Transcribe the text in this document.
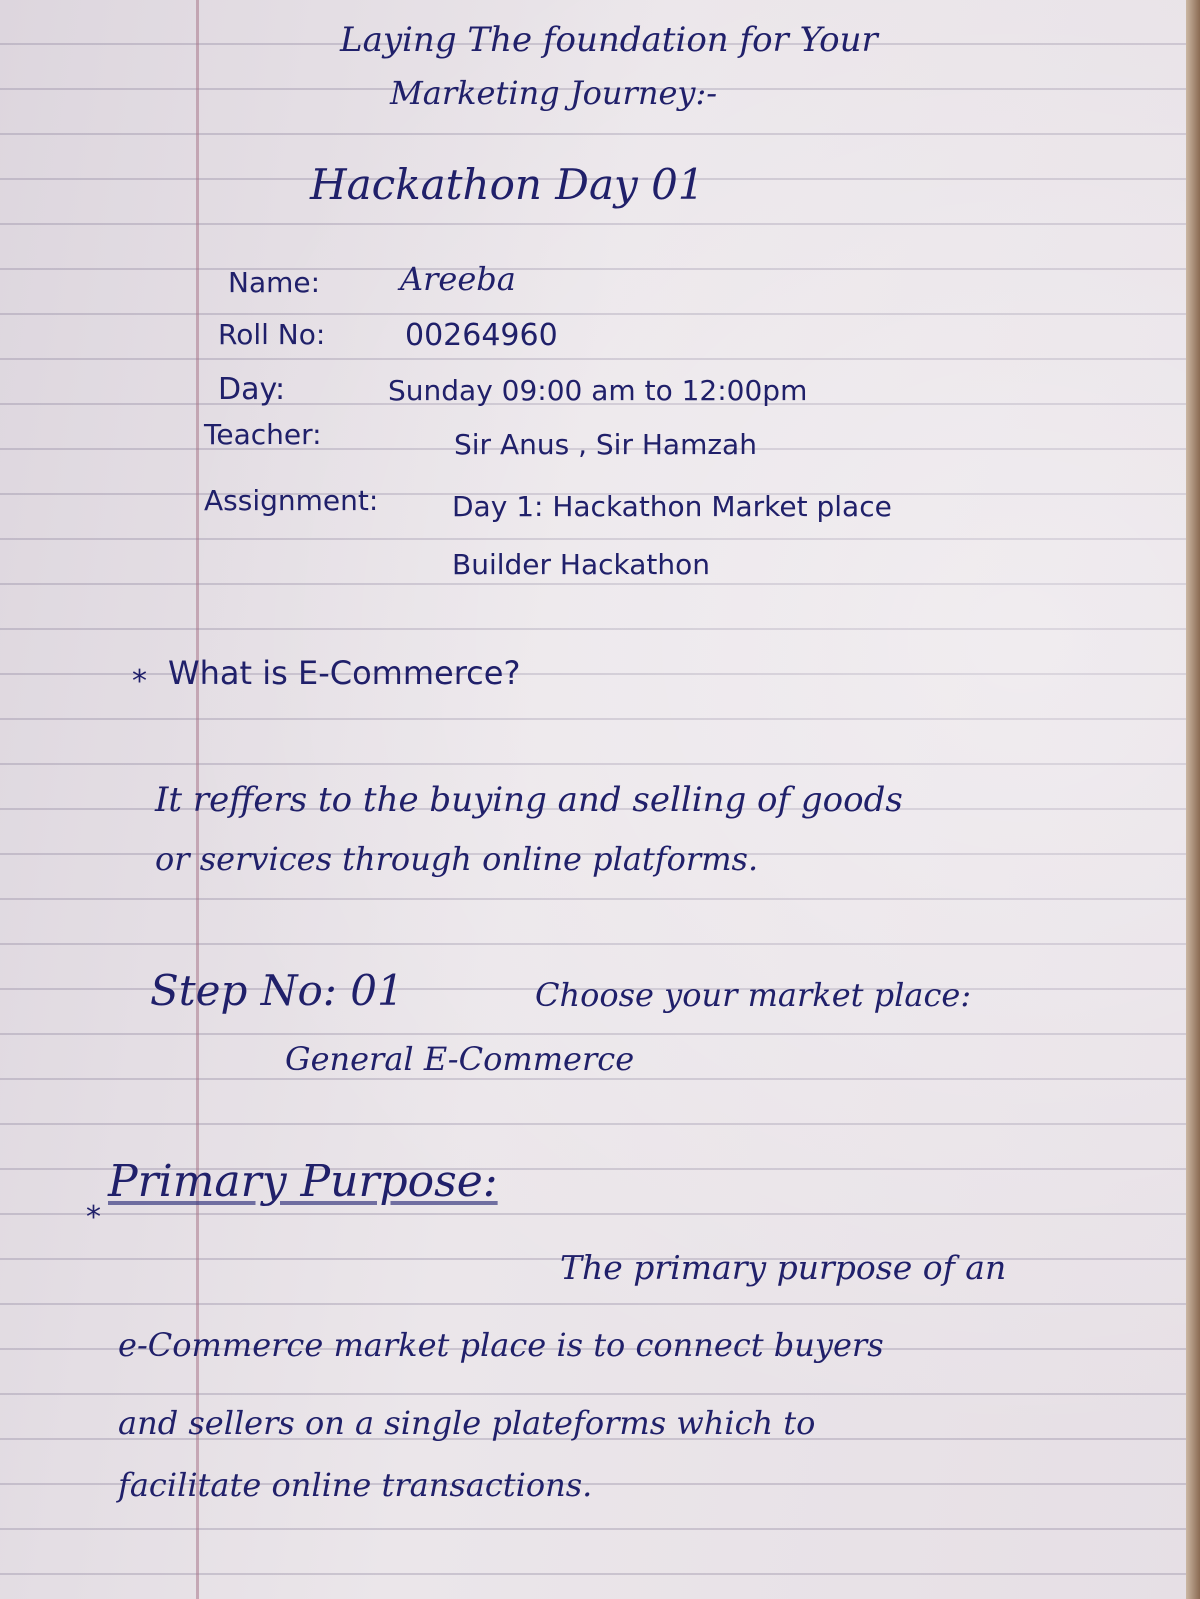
Laying The foundation for Your

Marketing Journey:-

Hackathon Day 01

Name: Areeba

Roll No:	00264960

Day:	Sunday 09:00 am to 12:00pm

Teacher:	Sir Anus , Sir Hamzah

Assignment:	Day 1: Hackathon Market place

Builder Hackathon

* What is E-Commerce?

It reffers to the buying and selling of goods

or services through online platforms.

Step No: 01	Choose your market place:

General E-Commerce

*

Primary Purpose:

The primary purpose of an

e-Commerce market place is to connect buyers

and sellers on a single plateforms which to

facilitate online transactions.
